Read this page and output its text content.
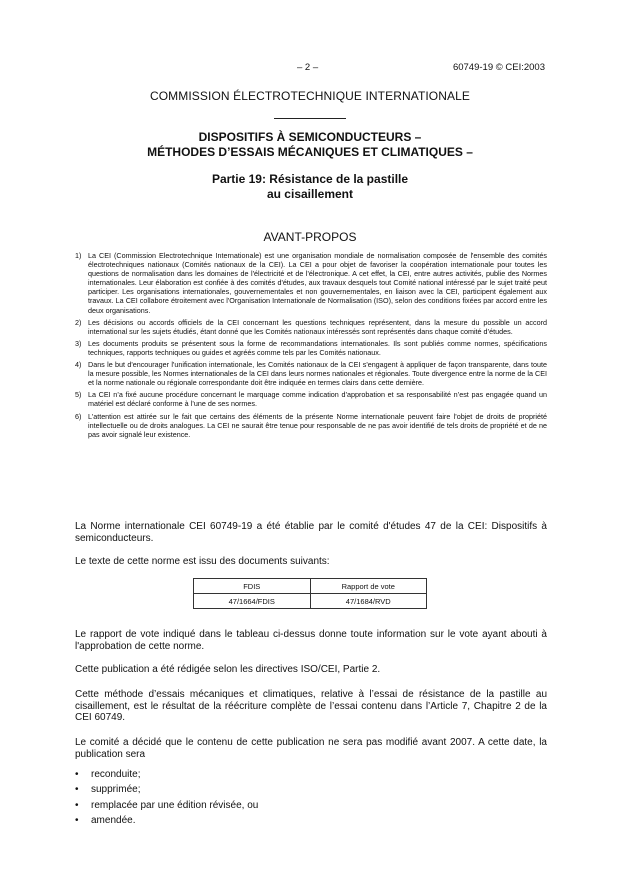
– 2 –	60749-19 © CEI:2003
COMMISSION ÉLECTROTECHNIQUE INTERNATIONALE
DISPOSITIFS À SEMICONDUCTEURS –
MÉTHODES D’ESSAIS MÉCANIQUES ET CLIMATIQUES –
Partie 19: Résistance de la pastille
au cisaillement
AVANT-PROPOS
1) La CEI (Commission Electrotechnique Internationale) est une organisation mondiale de normalisation composée de l'ensemble des comités électrotechniques nationaux (Comités nationaux de la CEI). La CEI a pour objet de favoriser la coopération internationale pour toutes les questions de normalisation dans les domaines de l'électricité et de l'électronique. A cet effet, la CEI, entre autres activités, publie des Normes internationales. Leur élaboration est confiée à des comités d'études, aux travaux desquels tout Comité national intéressé par le sujet traité peut participer. Les organisations internationales, gouvernementales et non gouvernementales, en liaison avec la CEI, participent également aux travaux. La CEI collabore étroitement avec l'Organisation Internationale de Normalisation (ISO), selon des conditions fixées par accord entre les deux organisations.
2) Les décisions ou accords officiels de la CEI concernant les questions techniques représentent, dans la mesure du possible un accord international sur les sujets étudiés, étant donné que les Comités nationaux intéressés sont représentés dans chaque comité d’études.
3) Les documents produits se présentent sous la forme de recommandations internationales. Ils sont publiés comme normes, spécifications techniques, rapports techniques ou guides et agréés comme tels par les Comités nationaux.
4) Dans le but d'encourager l'unification internationale, les Comités nationaux de la CEI s'engagent à appliquer de façon transparente, dans toute la mesure possible, les Normes internationales de la CEI dans leurs normes nationales et régionales. Toute divergence entre la norme de la CEI et la norme nationale ou régionale correspondante doit être indiquée en termes clairs dans cette dernière.
5) La CEI n’a fixé aucune procédure concernant le marquage comme indication d’approbation et sa responsabilité n’est pas engagée quand un matériel est déclaré conforme à l’une de ses normes.
6) L’attention est attirée sur le fait que certains des éléments de la présente Norme internationale peuvent faire l’objet de droits de propriété intellectuelle ou de droits analogues. La CEI ne saurait être tenue pour responsable de ne pas avoir identifié de tels droits de propriété et de ne pas avoir signalé leur existence.
La Norme internationale CEI 60749-19 a été établie par le comité d'études 47 de la CEI: Dispositifs à semiconducteurs.
Le texte de cette norme est issu des documents suivants:
FDIS	Rapport de vote
47/1664/FDIS	47/1684/RVD
Le rapport de vote indiqué dans le tableau ci-dessus donne toute information sur le vote ayant abouti à l'approbation de cette norme.
Cette publication a été rédigée selon les directives ISO/CEI, Partie 2.
Cette méthode d’essais mécaniques et climatiques, relative à l’essai de résistance de la pastille au cisaillement, est le résultat de la réécriture complète de l’essai contenu dans l’Article 7, Chapitre 2 de la CEI 60749.
Le comité a décidé que le contenu de cette publication ne sera pas modifié avant 2007. A cette date, la publication sera
• reconduite;
• supprimée;
• remplacée par une édition révisée, ou
• amendée.
